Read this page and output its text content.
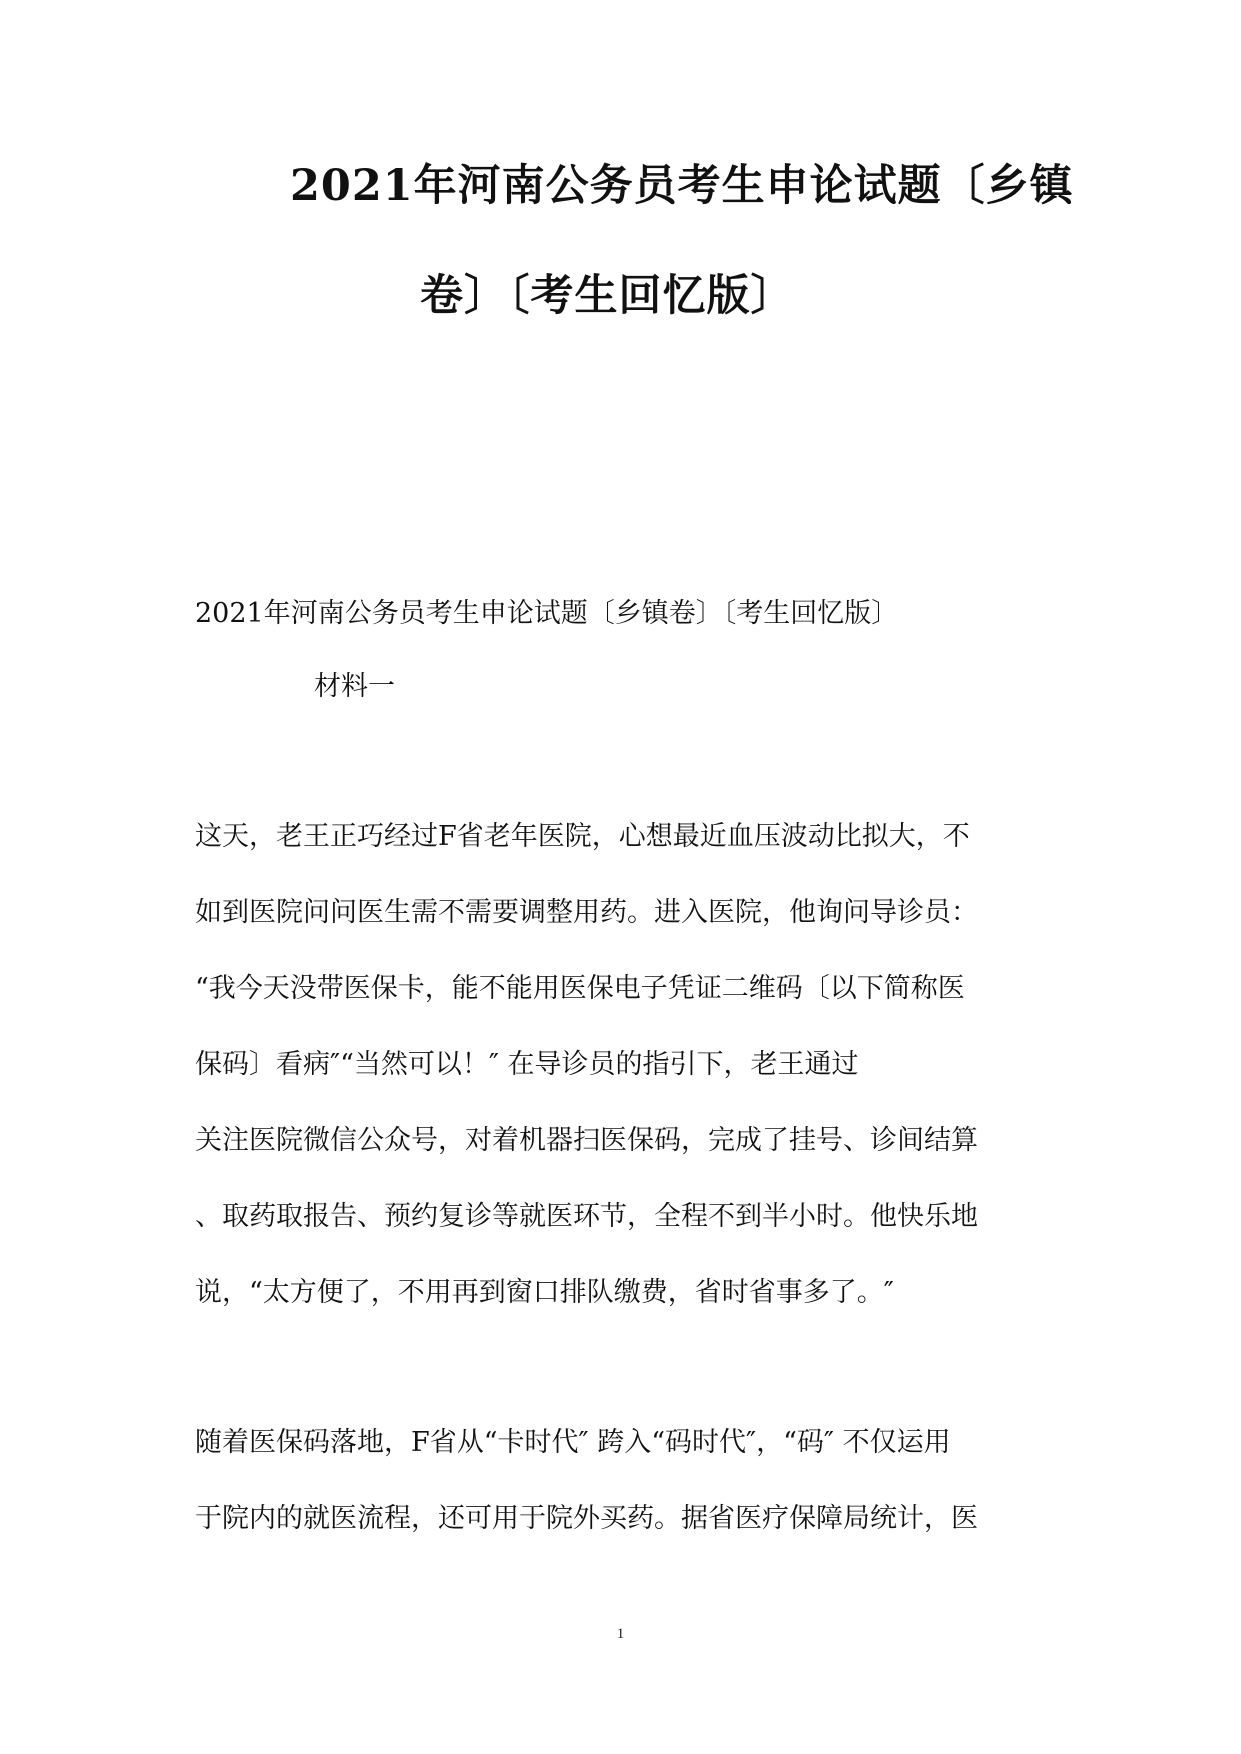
2021年河南公务员考生申论试题〔乡镇
卷〕〔考生回忆版〕
2021年河南公务员考生申论试题〔乡镇卷〕〔考生回忆版〕
材料一
这天，老王正巧经过F省老年医院，心想最近血压波动比拟大，不
如到医院问问医生需不需要调整用药。进入医院，他询问导诊员：
“我今天没带医保卡，能不能用医保电子凭证二维码〔以下简称医
保码〕看病″“当然可以！″ 在导诊员的指引下，老王通过
关注医院微信公众号，对着机器扫医保码，完成了挂号、诊间结算
、取药取报告、预约复诊等就医环节，全程不到半小时。他快乐地
说，“太方便了，不用再到窗口排队缴费，省时省事多了。″
随着医保码落地，F省从“卡时代″ 跨入“码时代″，“码″ 不仅运用
于院内的就医流程，还可用于院外买药。据省医疗保障局统计，医
1
